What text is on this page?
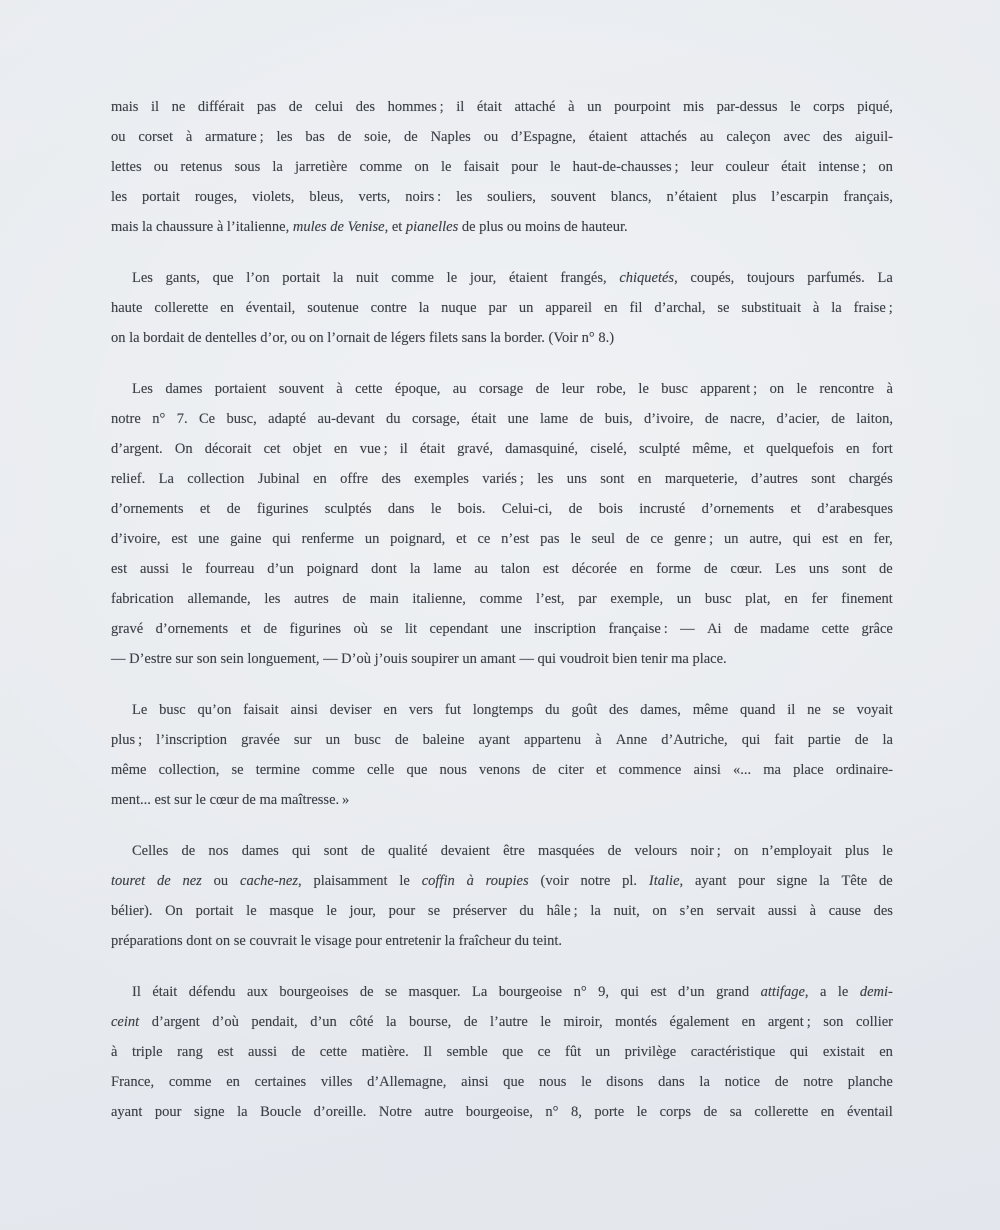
mais il ne différait pas de celui des hommes ; il était attaché à un pourpoint mis par-dessus le corps piqué,
ou corset à armature ; les bas de soie, de Naples ou d’Espagne, étaient attachés au caleçon avec des aiguil-
lettes ou retenus sous la jarretière comme on le faisait pour le haut-de-chausses ; leur couleur était intense ; on
les portait rouges, violets, bleus, verts, noirs : les souliers, souvent blancs, n’étaient plus l’escarpin français,
mais la chaussure à l’italienne, mules de Venise, et pianelles de plus ou moins de hauteur.
Les gants, que l’on portait la nuit comme le jour, étaient frangés, chiquetés, coupés, toujours parfumés. La
haute collerette en éventail, soutenue contre la nuque par un appareil en fil d’archal, se substituait à la fraise ;
on la bordait de dentelles d’or, ou on l’ornait de légers filets sans la border. (Voir n° 8.)
Les dames portaient souvent à cette époque, au corsage de leur robe, le busc apparent ; on le rencontre à
notre n° 7. Ce busc, adapté au-devant du corsage, était une lame de buis, d’ivoire, de nacre, d’acier, de laiton,
d’argent. On décorait cet objet en vue ; il était gravé, damasquiné, ciselé, sculpté même, et quelquefois en fort
relief. La collection Jubinal en offre des exemples variés ; les uns sont en marqueterie, d’autres sont chargés
d’ornements et de figurines sculptés dans le bois. Celui-ci, de bois incrusté d’ornements et d’arabesques
d’ivoire, est une gaine qui renferme un poignard, et ce n’est pas le seul de ce genre ; un autre, qui est en fer,
est aussi le fourreau d’un poignard dont la lame au talon est décorée en forme de cœur. Les uns sont de
fabrication allemande, les autres de main italienne, comme l’est, par exemple, un busc plat, en fer finement
gravé d’ornements et de figurines où se lit cependant une inscription française : — Ai de madame cette grâce
— D’estre sur son sein longuement, — D’où j’ouis soupirer un amant — qui voudroit bien tenir ma place.
Le busc qu’on faisait ainsi deviser en vers fut longtemps du goût des dames, même quand il ne se voyait
plus ; l’inscription gravée sur un busc de baleine ayant appartenu à Anne d’Autriche, qui fait partie de la
même collection, se termine comme celle que nous venons de citer et commence ainsi «... ma place ordinaire-
ment... est sur le cœur de ma maîtresse. »
Celles de nos dames qui sont de qualité devaient être masquées de velours noir ; on n’employait plus le
touret de nez ou cache-nez, plaisamment le coffin à roupies (voir notre pl. Italie, ayant pour signe la Tête de
bélier). On portait le masque le jour, pour se préserver du hâle ; la nuit, on s’en servait aussi à cause des
préparations dont on se couvrait le visage pour entretenir la fraîcheur du teint.
Il était défendu aux bourgeoises de se masquer. La bourgeoise n° 9, qui est d’un grand attifage, a le demi-
ceint d’argent d’où pendait, d’un côté la bourse, de l’autre le miroir, montés également en argent ; son collier
à triple rang est aussi de cette matière. Il semble que ce fût un privilège caractéristique qui existait en
France, comme en certaines villes d’Allemagne, ainsi que nous le disons dans la notice de notre planche
ayant pour signe la Boucle d’oreille. Notre autre bourgeoise, n° 8, porte le corps de sa collerette en éventail
